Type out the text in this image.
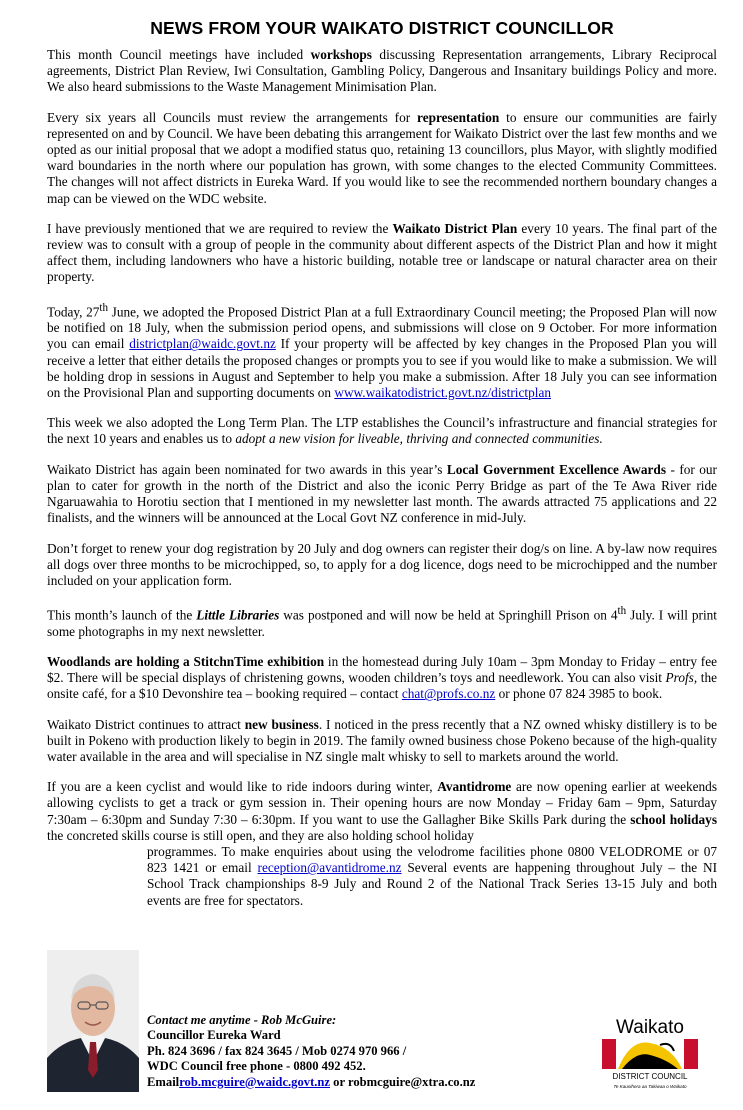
NEWS FROM YOUR WAIKATO DISTRICT COUNCILLOR

This month Council meetings have included workshops discussing Representation arrangements, Library Reciprocal agreements, District Plan Review, Iwi Consultation, Gambling Policy, Dangerous and Insanitary buildings Policy and more. We also heard submissions to the Waste Management Minimisation Plan.

Every six years all Councils must review the arrangements for representation to ensure our communities are fairly represented on and by Council. We have been debating this arrangement for Waikato District over the last few months and we opted as our initial proposal that we adopt a modified status quo, retaining 13 councillors, plus Mayor, with slightly modified ward boundaries in the north where our population has grown, with some changes to the elected Community Committees. The changes will not affect districts in Eureka Ward. If you would like to see the recommended northern boundary changes a map can be viewed on the WDC website.

I have previously mentioned that we are required to review the Waikato District Plan every 10 years. The final part of the review was to consult with a group of people in the community about different aspects of the District Plan and how it might affect them, including landowners who have a historic building, notable tree or landscape or natural character area on their property.

Today, 27th June, we adopted the Proposed District Plan at a full Extraordinary Council meeting; the Proposed Plan will now be notified on 18 July, when the submission period opens, and submissions will close on 9 October. For more information you can email districtplan@waidc.govt.nz If your property will be affected by key changes in the Proposed Plan you will receive a letter that either details the proposed changes or prompts you to see if you would like to make a submission. We will be holding drop in sessions in August and September to help you make a submission. After 18 July you can see information on the Provisional Plan and supporting documents on www.waikatodistrict.govt.nz/districtplan

This week we also adopted the Long Term Plan. The LTP establishes the Council’s infrastructure and financial strategies for the next 10 years and enables us to adopt a new vision for liveable, thriving and connected communities.

Waikato District has again been nominated for two awards in this year’s Local Government Excellence Awards - for our plan to cater for growth in the north of the District and also the iconic Perry Bridge as part of the Te Awa River ride Ngaruawahia to Horotiu section that I mentioned in my newsletter last month. The awards attracted 75 applications and 22 finalists, and the winners will be announced at the Local Govt NZ conference in mid-July.

Don’t forget to renew your dog registration by 20 July and dog owners can register their dog/s on line. A by-law now requires all dogs over three months to be microchipped, so, to apply for a dog licence, dogs need to be microchipped and the number included on your application form.

This month’s launch of the Little Libraries was postponed and will now be held at Springhill Prison on 4th July. I will print some photographs in my next newsletter.

Woodlands are holding a StitchnTime exhibition in the homestead during July 10am – 3pm Monday to Friday – entry fee $2. There will be special displays of christening gowns, wooden children’s toys and needlework. You can also visit Profs, the onsite café, for a $10 Devonshire tea – booking required – contact chat@profs.co.nz or phone 07 824 3985 to book.

Waikato District continues to attract new business. I noticed in the press recently that a NZ owned whisky distillery is to be built in Pokeno with production likely to begin in 2019. The family owned business chose Pokeno because of the high-quality water available in the area and will specialise in NZ single malt whisky to sell to markets around the world.

If you are a keen cyclist and would like to ride indoors during winter, Avantidrome are now opening earlier at weekends allowing cyclists to get a track or gym session in. Their opening hours are now Monday – Friday 6am – 9pm, Saturday 7:30am – 6:30pm and Sunday 7:30 – 6:30pm. If you want to use the Gallagher Bike Skills Park during the school holidays the concreted skills course is still open, and they are also holding school holiday

programmes. To make enquiries about using the velodrome facilities phone 0800 VELODROME or 07 823 1421 or email reception@avantidrome.nz Several events are happening throughout July – the NI School Track championships 8-9 July and Round 2 of the National Track Series 13-15 July and both events are free for spectators.

Contact me anytime - Rob McGuire:
Councillor Eureka Ward
Ph. 824 3696 / fax 824 3645 / Mob 0274 970 966 /
WDC Council free phone - 0800 492 452.
Emailrob.mcguire@waidc.govt.nz or robmcguire@xtra.co.nz
Waikato
DISTRICT COUNCIL
Te Kaunihera aa Takiwaa o Waikato
